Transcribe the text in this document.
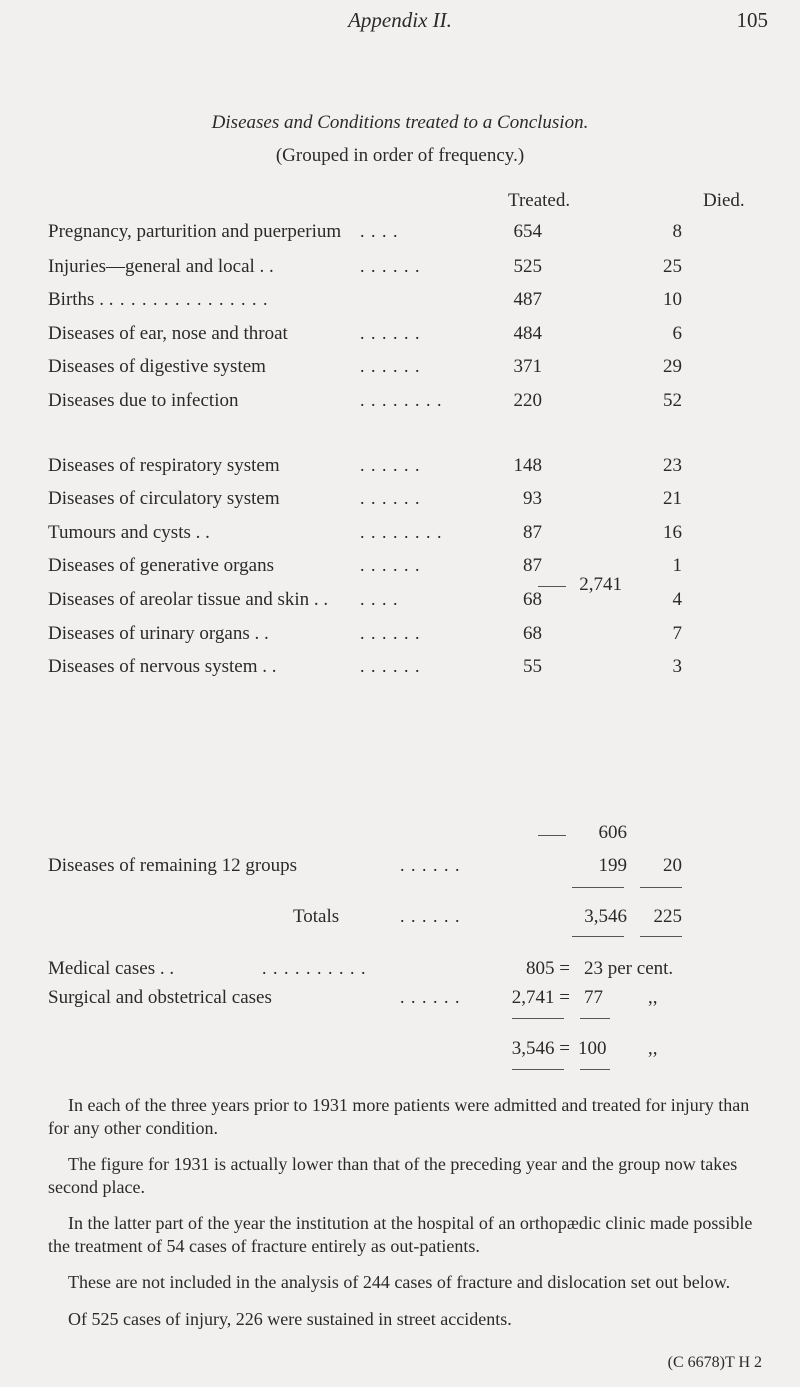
Appendix II.	105
Diseases and Conditions treated to a Conclusion.
(Grouped in order of frequency.)
Treated.	Died.
Pregnancy, parturition and puerperium . . . .	654	8
Injuries—general and local . .	. . . . . .	525	25
Births . . . . . . . . . . . . . . . .	487	10
Diseases of ear, nose and throat	. . . . . .	484	6
Diseases of digestive system	. . . . . .	371	29
Diseases due to infection	. . . . . . . .	220	52
Diseases of respiratory system	. . . . . .	148	23
Diseases of circulatory system	. . . . . .	93	21
Tumours and cysts . .	. . . . . . . .	87	16
Diseases of generative organs	. . . . . .	87	1
Diseases of areolar tissue and skin . . . . . .	68	4
Diseases of urinary organs . .	. . . . . .	68	7
Diseases of nervous system . .	. . . . . .	55	3
2,741
606
Diseases of remaining 12 groups	. . . . . .	199	20
Totals	. . . . . .	3,546	225
Medical cases . .	. . . . . . . . . .	805 = 23 per cent.
Surgical and obstetrical cases	. . . . . .	2,741 = 77 ,,
3,546 = 100 ,,
In each of the three years prior to 1931 more patients were admitted and treated for injury than for any other condition.
The figure for 1931 is actually lower than that of the preceding year and the group now takes second place.
In the latter part of the year the institution at the hospital of an orthopædic clinic made possible the treatment of 54 cases of fracture entirely as out-patients.
These are not included in the analysis of 244 cases of fracture and dislocation set out below.
Of 525 cases of injury, 226 were sustained in street accidents.
(C 6678)T H 2
